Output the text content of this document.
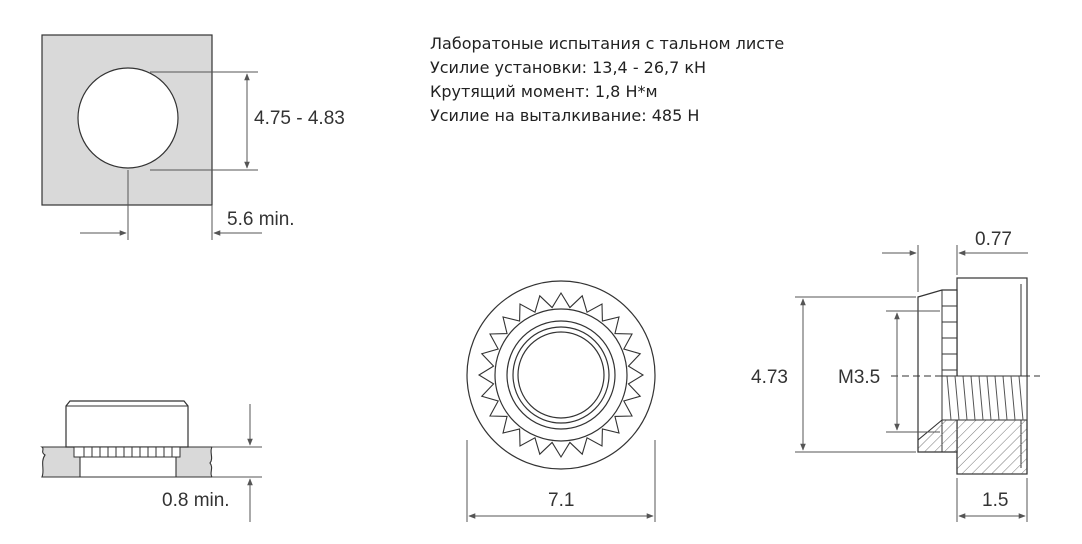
Лаборатоные испытания с тальном листе
Усилие установки: 13,4 - 26,7 кН
Крутящий момент: 1,8 Н*м
Усилие на выталкивание: 485 Н
4.75 - 4.83
5.6 min.
0.8 min.	7.1
0.77
4.73	M3.5
1.5
